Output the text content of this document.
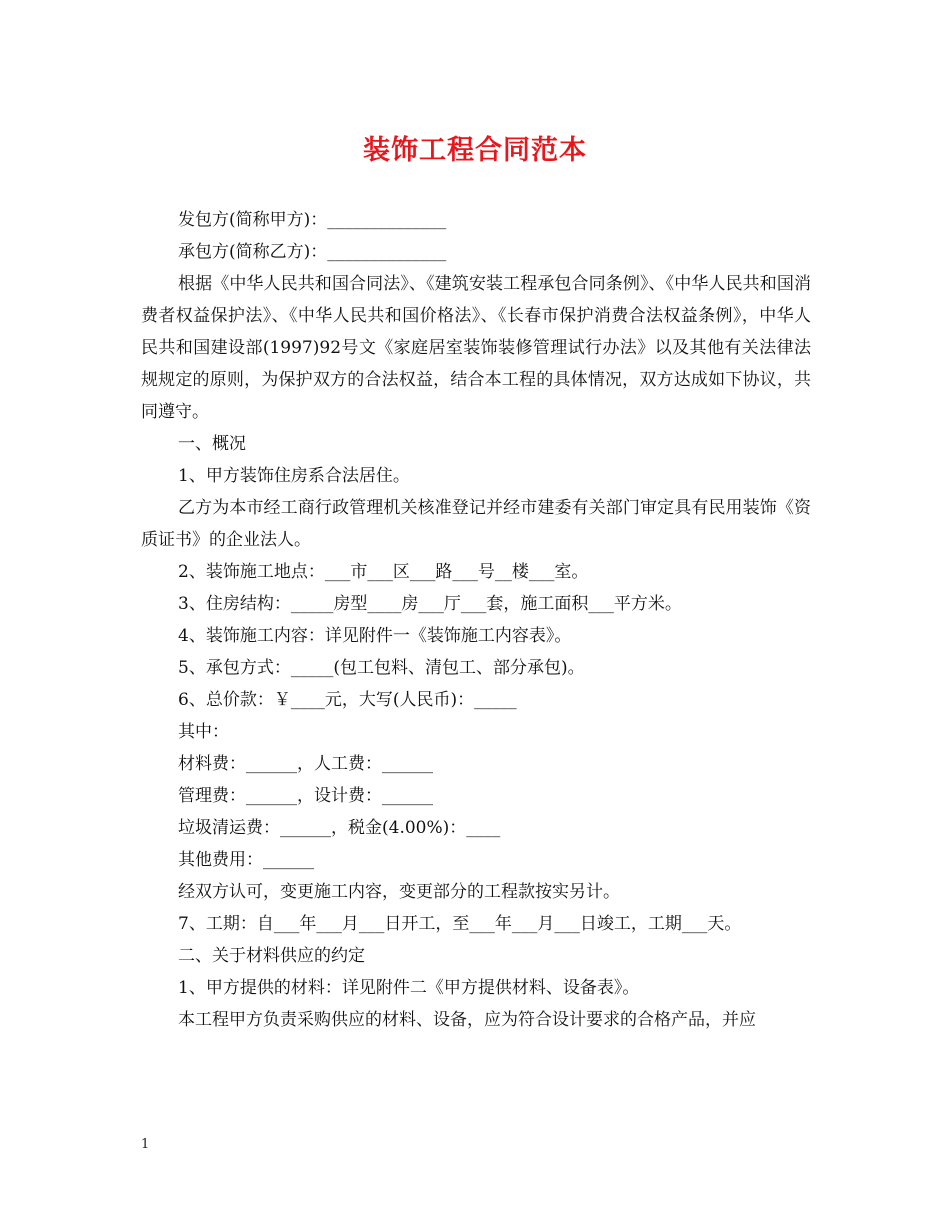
装饰工程合同范本

发包方(简称甲方)：______________

承包方(简称乙方)：______________

根据《中华人民共和国合同法》、《建筑安装工程承包合同条例》、《中华人民共和国消费者权益保护法》、《中华人民共和国价格法》、《长春市保护消费合法权益条例》，中华人民共和国建设部(1997)92号文《家庭居室装饰装修管理试行办法》以及其他有关法律法规规定的原则，为保护双方的合法权益，结合本工程的具体情况，双方达成如下协议，共同遵守。

一、概况

1、甲方装饰住房系合法居住。

乙方为本市经工商行政管理机关核准登记并经市建委有关部门审定具有民用装饰《资质证书》的企业法人。

2、装饰施工地点：___市___区___路___号__楼___室。

3、住房结构：_____房型____房___厅___套，施工面积___平方米。

4、装饰施工内容：详见附件一《装饰施工内容表》。

5、承包方式：_____(包工包料、清包工、部分承包)。

6、总价款：￥____元，大写(人民币)：_____

其中：

材料费：______，人工费：______

管理费：______，设计费：______

垃圾清运费：______，税金(4.00%)：____

其他费用：______

经双方认可，变更施工内容，变更部分的工程款按实另计。

7、工期：自___年___月___日开工，至___年___月___日竣工，工期___天。

二、关于材料供应的约定

1、甲方提供的材料：详见附件二《甲方提供材料、设备表》。

本工程甲方负责采购供应的材料、设备，应为符合设计要求的合格产品，并应

1
